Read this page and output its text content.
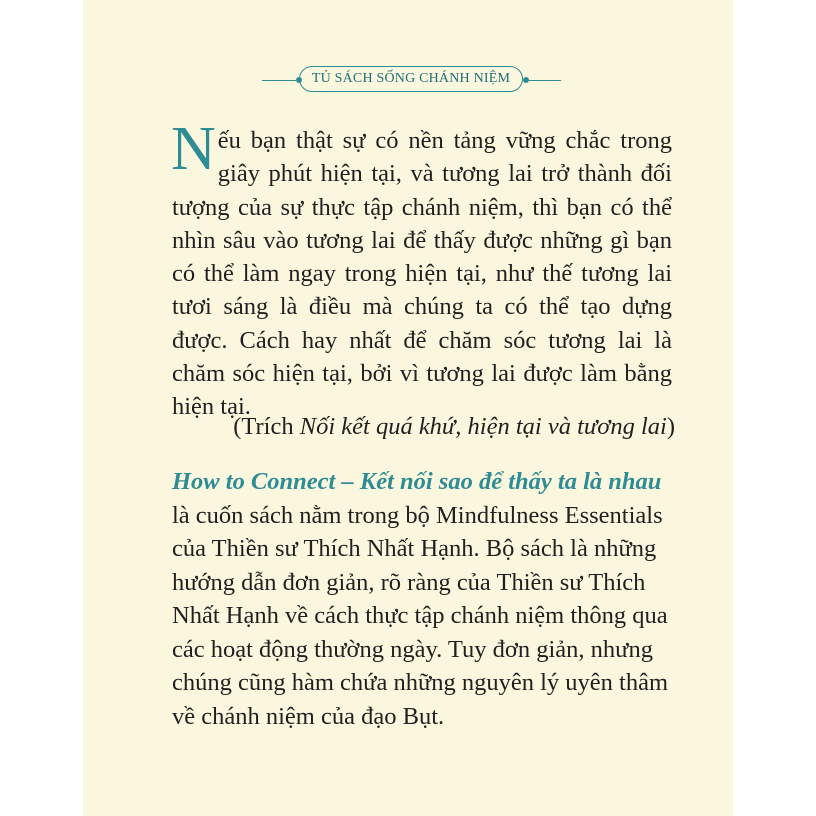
TỦ SÁCH SỐNG CHÁNH NIỆM
Nếu bạn thật sự có nền tảng vững chắc trong giây phút hiện tại, và tương lai trở thành đối tượng của sự thực tập chánh niệm, thì bạn có thể nhìn sâu vào tương lai để thấy được những gì bạn có thể làm ngay trong hiện tại, như thế tương lai tươi sáng là điều mà chúng ta có thể tạo dựng được. Cách hay nhất để chăm sóc tương lai là chăm sóc hiện tại, bởi vì tương lai được làm bằng hiện tại.
(Trích Nối kết quá khứ, hiện tại và tương lai)
How to Connect – Kết nối sao để thấy ta là nhau
là cuốn sách nằm trong bộ Mindfulness Essentials của Thiền sư Thích Nhất Hạnh. Bộ sách là những hướng dẫn đơn giản, rõ ràng của Thiền sư Thích Nhất Hạnh về cách thực tập chánh niệm thông qua các hoạt động thường ngày. Tuy đơn giản, nhưng chúng cũng hàm chứa những nguyên lý uyên thâm về chánh niệm của đạo Bụt.
